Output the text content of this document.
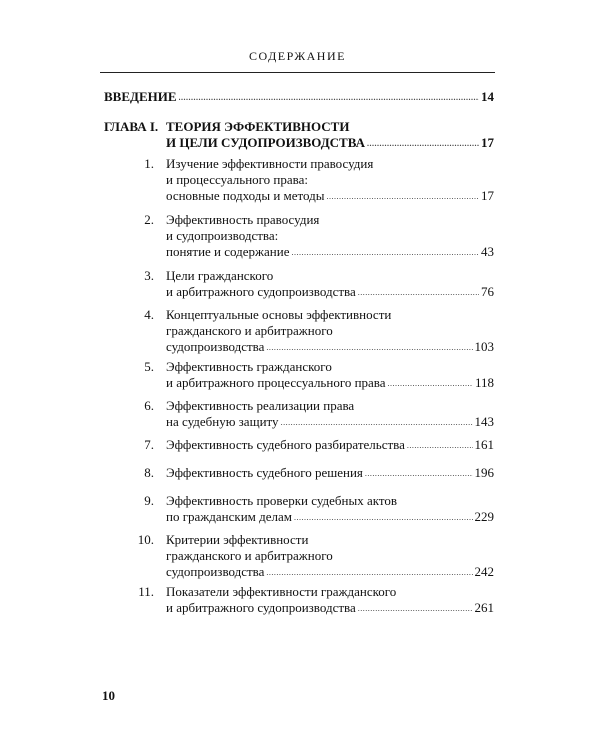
СОДЕРЖАНИЕ
ВВЕДЕНИЕ .....	14
ГЛАВА I. ТЕОРИЯ ЭФФЕКТИВНОСТИ
И ЦЕЛИ СУДОПРОИЗВОДСТВА .....	17
1. Изучение эффективности правосудия
и процессуального права:
основные подходы и методы .....	17
2. Эффективность правосудия
и судопроизводства:
понятие и содержание .....	43
3. Цели гражданского
и арбитражного судопроизводства .....	76
4. Концептуальные основы эффективности
гражданского и арбитражного
судопроизводства .....	103
5. Эффективность гражданского
и арбитражного процессуального права .....	118
6. Эффективность реализации права
на судебную защиту .....	143
7. Эффективность судебного разбирательства .....	161
8. Эффективность судебного решения .....	196
9. Эффективность проверки судебных актов
по гражданским делам .....	229
10. Критерии эффективности
гражданского и арбитражного
судопроизводства .....	242
11. Показатели эффективности гражданского
и арбитражного судопроизводства .....	261
10
